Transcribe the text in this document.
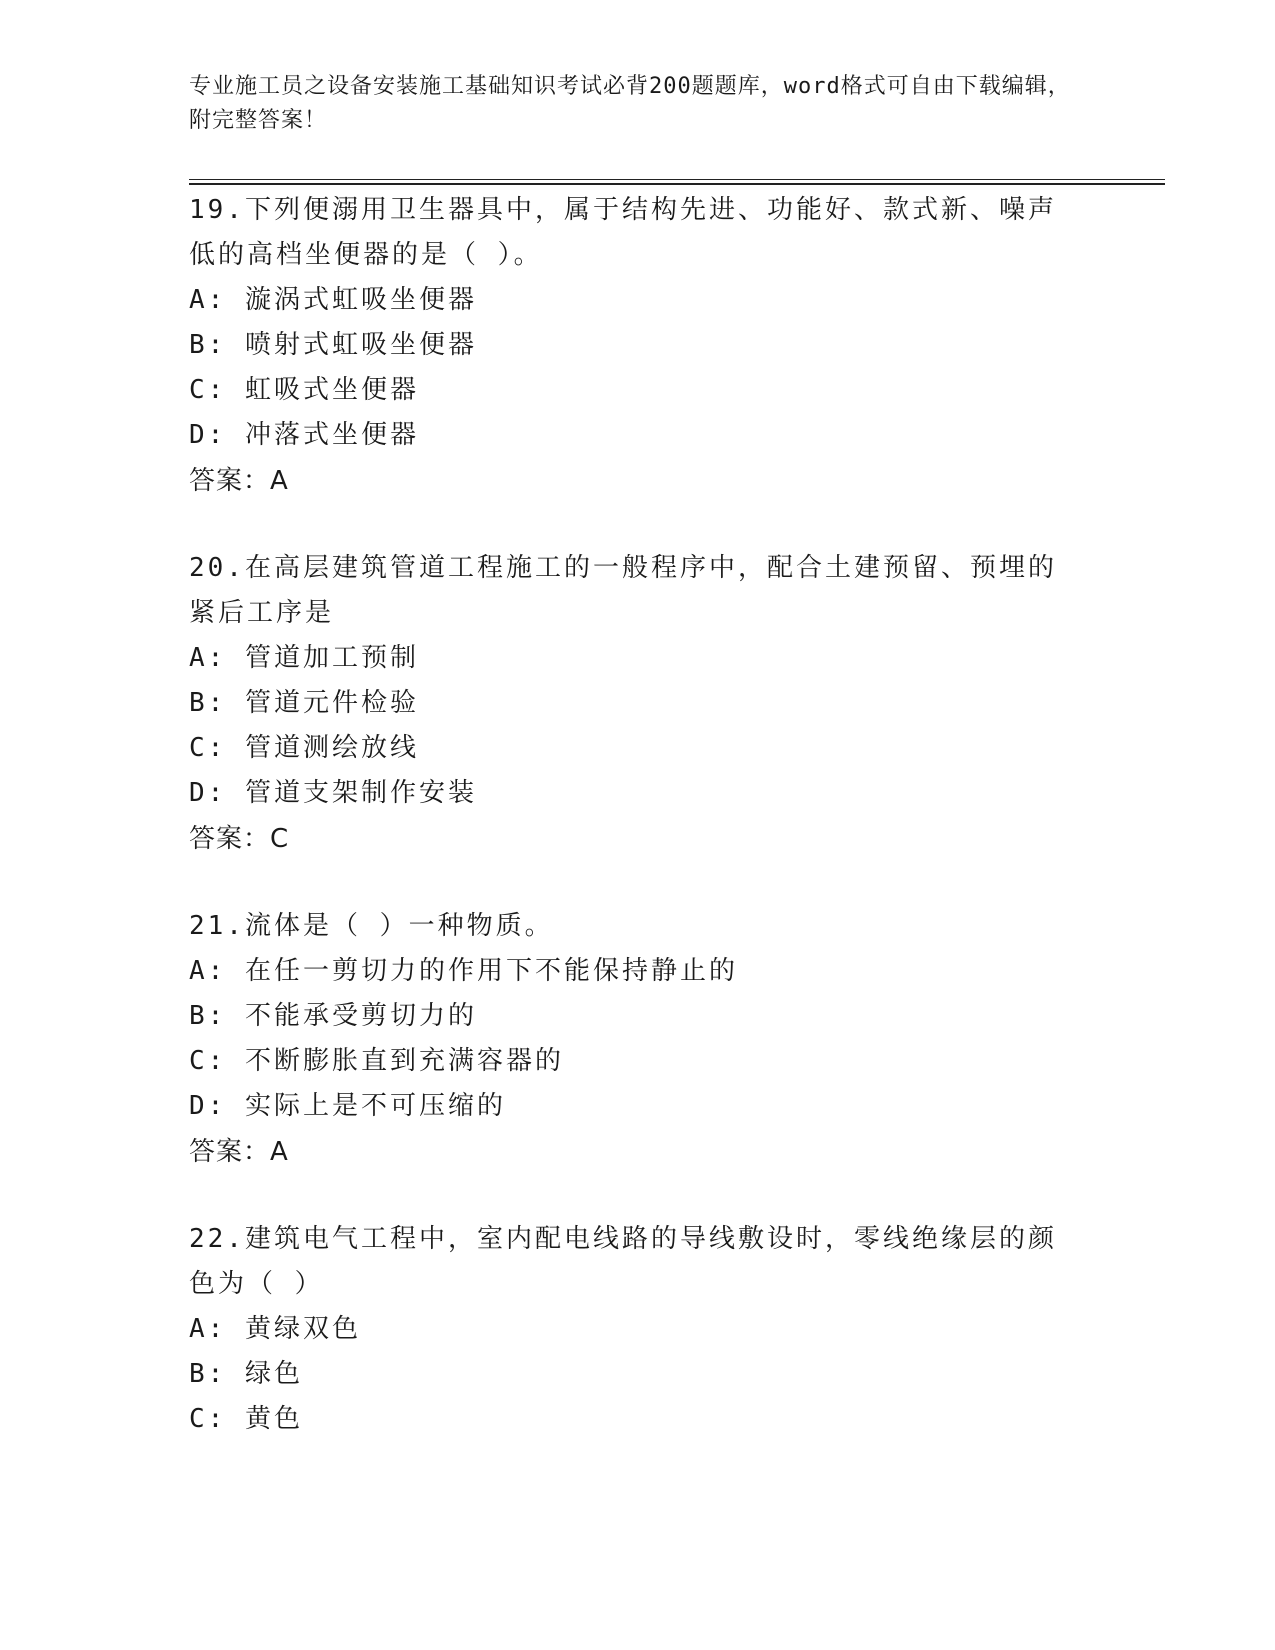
专业施工员之设备安装施工基础知识考试必背200题题库，word格式可自由下载编辑，附完整答案！
19.下列便溺用卫生器具中，属于结构先进、功能好、款式新、噪声低的高档坐便器的是（ ）。
A: 漩涡式虹吸坐便器
B: 喷射式虹吸坐便器
C: 虹吸式坐便器
D: 冲落式坐便器
答案：A
20.在高层建筑管道工程施工的一般程序中，配合土建预留、预埋的紧后工序是
A: 管道加工预制
B: 管道元件检验
C: 管道测绘放线
D: 管道支架制作安装
答案：C
21.流体是（ ）一种物质。
A: 在任一剪切力的作用下不能保持静止的
B: 不能承受剪切力的
C: 不断膨胀直到充满容器的
D: 实际上是不可压缩的
答案：A
22.建筑电气工程中，室内配电线路的导线敷设时，零线绝缘层的颜色为（ ）
A: 黄绿双色
B: 绿色
C: 黄色
